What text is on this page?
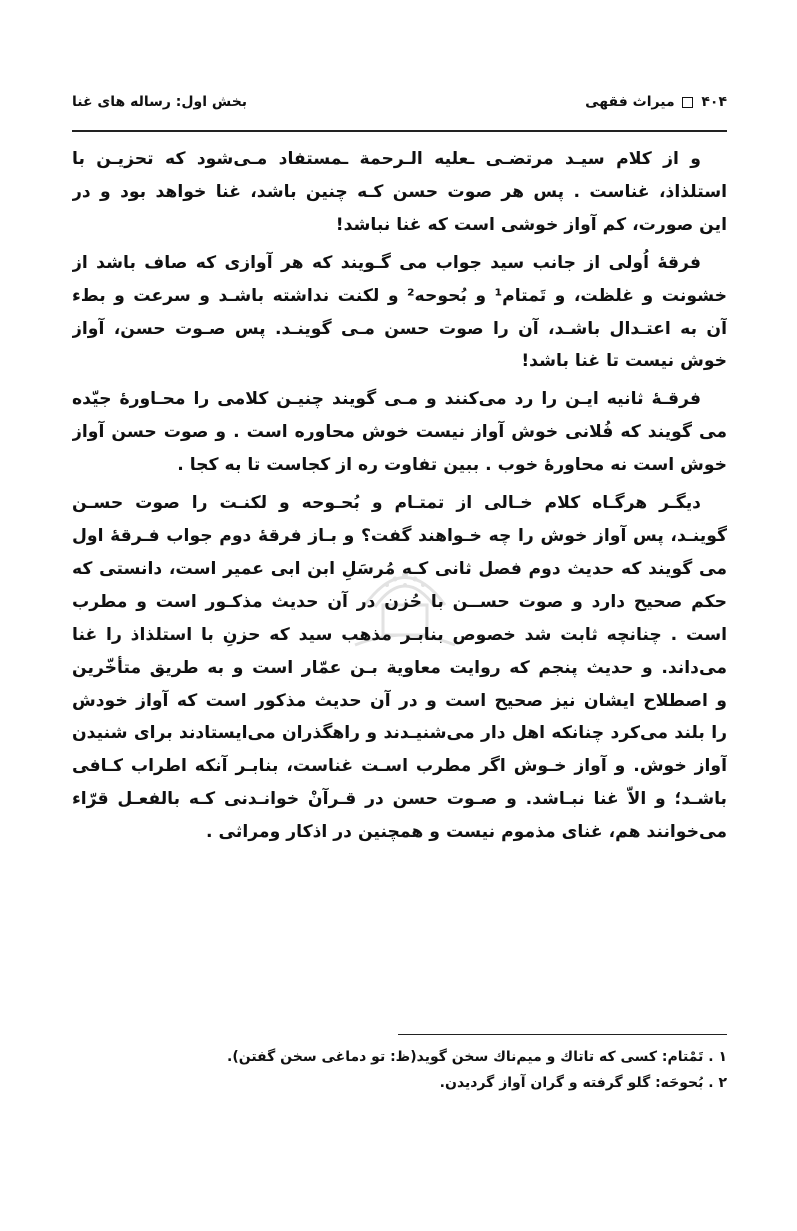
۴۰۴  میراث فقهی
بخش اول: رساله های غنا

و از کلام سیـد مرتضـی ـعلیه الـرحمة ـمستفاد مـی‌شود که تحزیـن با
استلذاذ، غناست . پس هر صوت حسن کـه چنین باشد، غنا خواهد بود و در
این صورت، کم آواز خوشی است که غنا نباشد!

فرقهٔ اُولی از جانب سید جواب می گـویند که هر آوازی که صاف باشد از
خشونت و غلظت، و تَمتام¹ و بُحوحه² و لکنت نداشته باشـد و سرعت و بطء
آن به اعتـدال باشـد، آن را صوت حسن مـی گوینـد. پس صـوت حسن، آواز
خوش نیست تا غنا باشد!

فرقـهٔ ثانیه ایـن را رد می‌کنند و مـی گویند چنیـن کلامی را محـاورهٔ جیّده
می گویند که فُلانی خوش آواز نیست خوش محاوره است . و صوت حسن آواز
خوش است نه محاورهٔ خوب . ببین تفاوت ره از کجاست تا به کجا .

دیگـر هرگـاه کلام خـالی از تمتـام و بُحـوحه و لکنـت را صوت حسـن
گوینـد، پس آواز خوش را چه خـواهند گفت؟ و بـاز فرقهٔ دوم جواب فـرقهٔ اول
می گویند که حدیث دوم فصل ثانی کـه مُرسَلِ ابن ابی عمیر است، دانستی که
حکم صحیح دارد و صوت حســن با حُزن در آن حدیث مذکـور است و مطرب
است . چنانچه ثابت شد خصوص بنابـر مذهب سید که حزنِ با استلذاذ را غنا
می‌داند. و حدیث پنجم که روایت معاویة بـن عمّار است و به طریق متأخّرین
و اصطلاح ایشان نیز صحیح است و در آن حدیث مذکور است که آواز خودش
را بلند می‌کرد چنانکه اهل دار می‌شنیـدند و راهگذران می‌ایستادند برای شنیدن
آواز خوش. و آواز خـوش اگر مطرب اسـت غناست، بنابـر آنکه اطراب کـافی
باشـد؛ و الاّ غنا نبـاشد. و صـوت حسن در قـرآنْ خوانـدنی کـه بالفعـل قرّاء
می‌خوانند هم، غنای مذموم نیست و همچنین در اذکار ومراثی .

۱ . تَمْتام: کسی که تاتاك و میم‌ناك سخن گوید(ظ: تو دماغی سخن گفتن).
۲ . بُحوحَه: گلو گرفته و گران آواز گردیدن.
